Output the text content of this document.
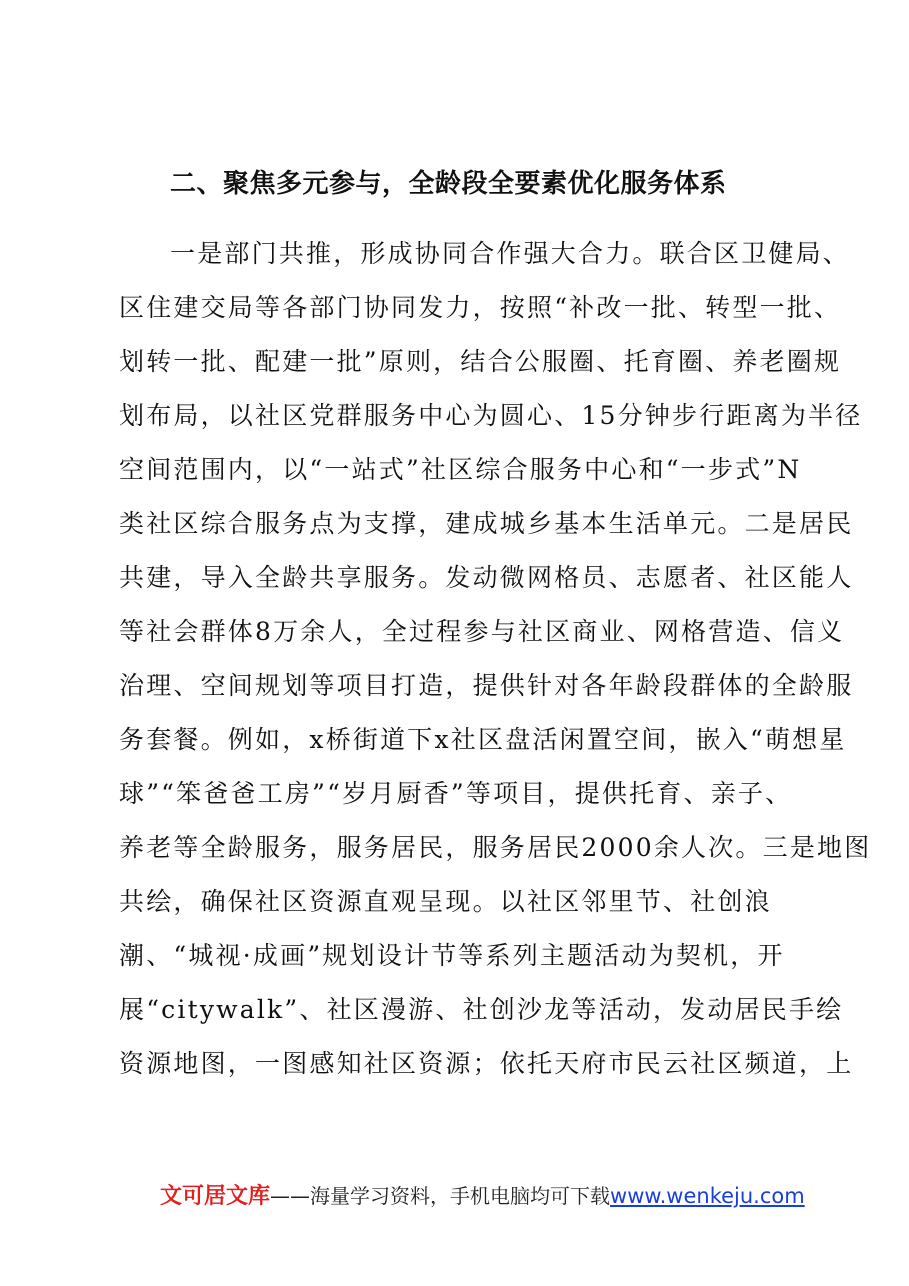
二、聚焦多元参与，全龄段全要素优化服务体系
一是部门共推，形成协同合作强大合力。联合区卫健局、
区住建交局等各部门协同发力，按照“补改一批、转型一批、
划转一批、配建一批”原则，结合公服圈、托育圈、养老圈规
划布局，以社区党群服务中心为圆心、15分钟步行距离为半径
空间范围内，以“一站式”社区综合服务中心和“一步式”N
类社区综合服务点为支撑，建成城乡基本生活单元。二是居民
共建，导入全龄共享服务。发动微网格员、志愿者、社区能人
等社会群体8万余人，全过程参与社区商业、网格营造、信义
治理、空间规划等项目打造，提供针对各年龄段群体的全龄服
务套餐。例如，x桥街道下x社区盘活闲置空间，嵌入“萌想星
球”“笨爸爸工房”“岁月厨香”等项目，提供托育、亲子、
养老等全龄服务，服务居民，服务居民2000余人次。三是地图
共绘，确保社区资源直观呈现。以社区邻里节、社创浪
潮、“城视·成画”规划设计节等系列主题活动为契机，开
展“citywalk”、社区漫游、社创沙龙等活动，发动居民手绘
资源地图，一图感知社区资源；依托天府市民云社区频道，上
文可居文库——海量学习资料，手机电脑均可下载www.wenkeju.com
